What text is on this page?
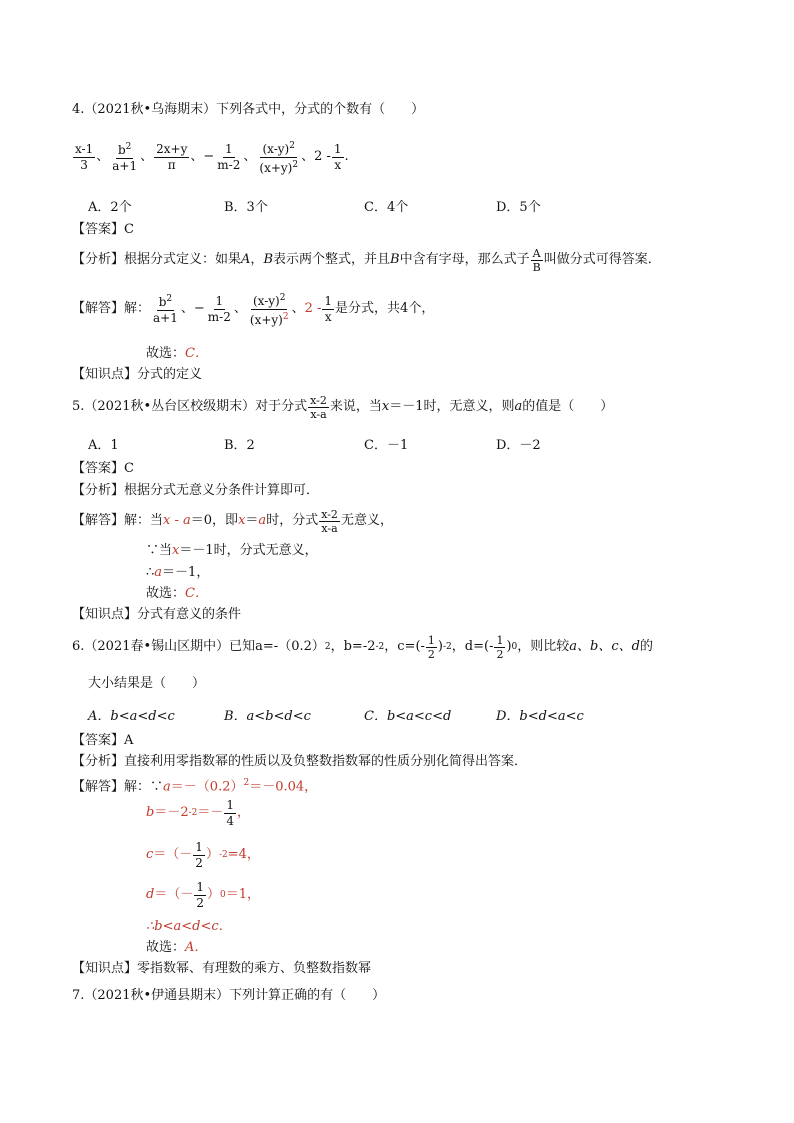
4.（2021秋•乌海期末）下列各式中，分式的个数有（　　）
$\frac{x-1}{3}$ 、 $\frac{b^2}{a+1}$ 、 $\frac{2x+y}{\pi}$ 、 − $\frac{1}{m-2}$ 、 $\frac{(x-y)^2}{(x+y)^2}$ 、 $2 - \frac{1}{x}$ .
A．2个	B．3个	C．4个	D．5个
【答案】C
【分析】 根据分式定义：如果 A ， B 表示两个整式，并且 B 中含有字母，那么式子 $\frac{A}{B}$ 叫做分式可得答案．
【解答】 解： $\frac{b^2}{a+1}$ 、 − $\frac{1}{m-2}$ 、 $\frac{(x-y)^2}{(x+y)^2}$ 、 $2 - \frac{1}{x}$ 是分式，共4个，
故选：C．
【知识点】分式的定义
5.（2021秋•丛台区校级期末）对于分式 $\frac{x-2}{x-a}$ 来说，当 x ＝－1时，无意义，则 a 的值是（　　）
A．1	B．2	C．－1	D．－2
【答案】C
【分析】根据分式无意义分条件计算即可．
【解答】 解：当 x - a ＝0，即 x ＝ a 时，分式 $\frac{x-2}{x-a}$ 无意义，
∵当x＝－1时，分式无意义，
∴a＝－1，
故选：C．
【知识点】分式有意义的条件
6.（2021春•锡山区期中）已知a=-（0.2） 2 ，b=-2 -2 ，$c=(- \frac{1}{2}$ ) -2 ，$d=(- \frac{1}{2}$ ) 0 ，则比较 a、b、c、d 的
大小结果是（　　）
A．b<a<d<c	B．a<b<d<c	C．b<a<c<d	D．b<d<a<c
【答案】A
【分析】直接利用零指数幂的性质以及负整数指数幂的性质分别化简得出答案．
【解答】解：$\because a=-(0.2)^2=-0.04$，
b ＝－2 $-2 =- \frac{1}{4}$ ，
c ＝（－ $\frac{1}{2}$ ） -2 =4，
d ＝（－ $\frac{1}{2}$ ） 0 ＝1，
∴b<a<d<c．
故选：A．
【知识点】零指数幂、有理数的乘方、负整数指数幂
7.（2021秋•伊通县期末）下列计算正确的有（　　）
